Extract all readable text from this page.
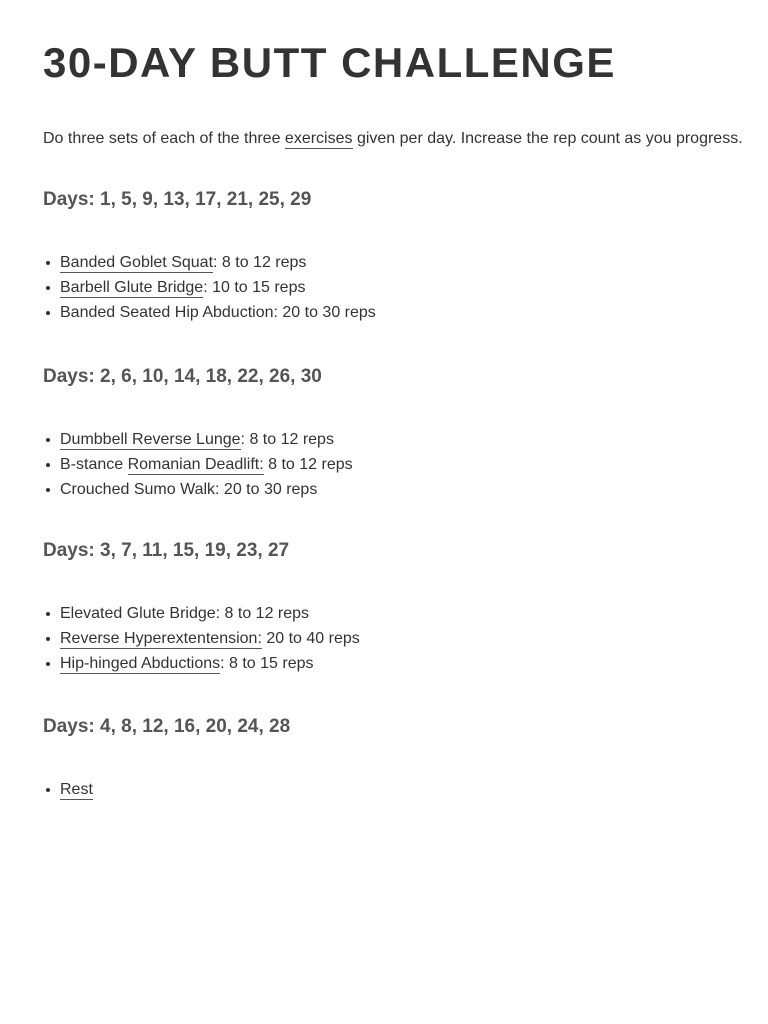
30-DAY BUTT CHALLENGE

Do three sets of each of the three exercises given per day. Increase the rep count as you progress.

Days: 1, 5, 9, 13, 17, 21, 25, 29
Banded Goblet Squat: 8 to 12 reps
Barbell Glute Bridge: 10 to 15 reps
Banded Seated Hip Abduction: 20 to 30 reps
Days: 2, 6, 10, 14, 18, 22, 26, 30
Dumbbell Reverse Lunge: 8 to 12 reps
B-stance Romanian Deadlift: 8 to 12 reps
Crouched Sumo Walk: 20 to 30 reps
Days: 3, 7, 11, 15, 19, 23, 27
Elevated Glute Bridge: 8 to 12 reps
Reverse Hyperextentension: 20 to 40 reps
Hip-hinged Abductions: 8 to 15 reps
Days: 4, 8, 12, 16, 20, 24, 28
Rest
